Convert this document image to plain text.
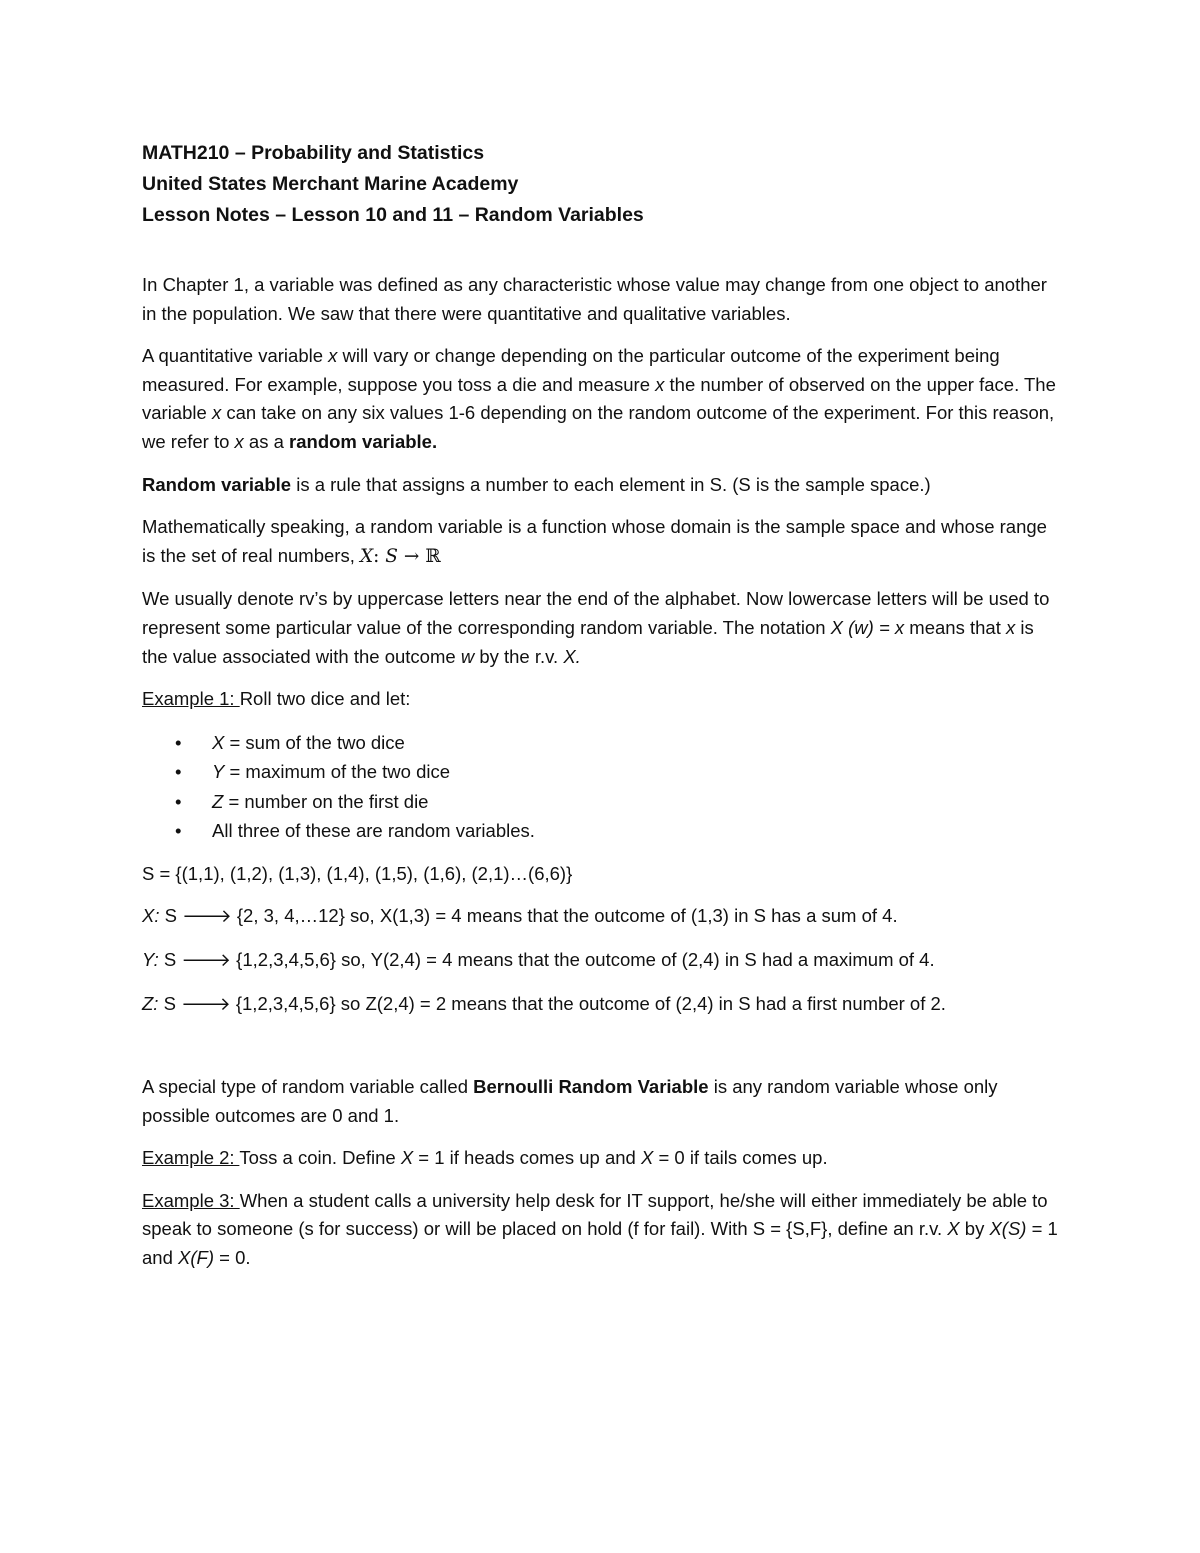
MATH210 – Probability and Statistics
United States Merchant Marine Academy
Lesson Notes – Lesson 10 and 11 – Random Variables

In Chapter 1, a variable was defined as any characteristic whose value may change from one object to another in the population. We saw that there were quantitative and qualitative variables.

A quantitative variable x will vary or change depending on the particular outcome of the experiment being measured. For example, suppose you toss a die and measure x the number of observed on the upper face. The variable x can take on any six values 1-6 depending on the random outcome of the experiment. For this reason, we refer to x as a random variable.

Random variable is a rule that assigns a number to each element in S. (S is the sample space.)

Mathematically speaking, a random variable is a function whose domain is the sample space and whose range is the set of real numbers, X: S → ℝ

We usually denote rv’s by uppercase letters near the end of the alphabet. Now lowercase letters will be used to represent some particular value of the corresponding random variable. The notation X (w) = x means that x is the value associated with the outcome w by the r.v. X.

Example 1: Roll two dice and let:

• X = sum of the two dice
• Y = maximum of the two dice
• Z = number on the first die
• All three of these are random variables.

S = {(1,1), (1,2), (1,3), (1,4), (1,5), (1,6), (2,1)…(6,6)}

X: S 🡒 {2, 3, 4,…12} so, X(1,3) = 4 means that the outcome of (1,3) in S has a sum of 4.

Y: S 🡒 {1,2,3,4,5,6} so, Y(2,4) = 4 means that the outcome of (2,4) in S had a maximum of 4.

Z: S 🡒 {1,2,3,4,5,6} so Z(2,4) = 2 means that the outcome of (2,4) in S had a first number of 2.

A special type of random variable called Bernoulli Random Variable is any random variable whose only possible outcomes are 0 and 1.

Example 2: Toss a coin. Define X = 1 if heads comes up and X = 0 if tails comes up.

Example 3: When a student calls a university help desk for IT support, he/she will either immediately be able to speak to someone (s for success) or will be placed on hold (f for fail). With S = {S,F}, define an r.v. X by X(S) = 1 and X(F) = 0.
